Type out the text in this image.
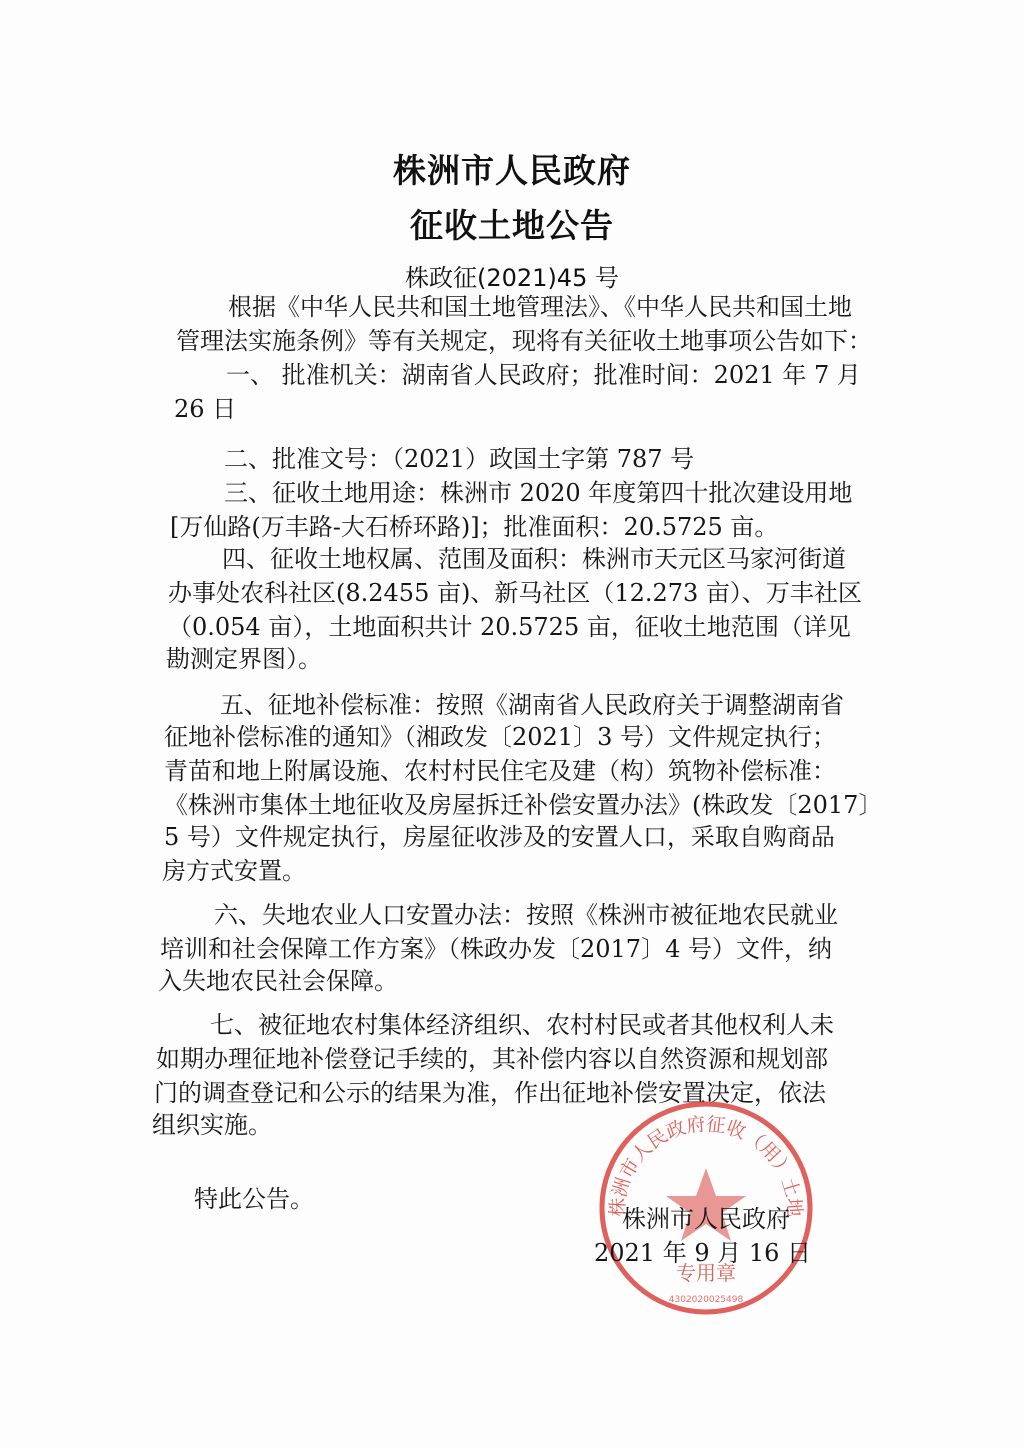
株洲市人民政府
征收土地公告
株政征(2021)45 号
根据《中华人民共和国土地管理法》、《中华人民共和国土地
管理法实施条例》等有关规定，现将有关征收土地事项公告如下：
一、 批准机关：湖南省人民政府；批准时间：2021 年 7 月
26 日
二、批准文号：（2021）政国土字第 787 号
三、征收土地用途：株洲市 2020 年度第四十批次建设用地
[万仙路(万丰路-大石桥环路)]；批准面积：20.5725 亩。
四、征收土地权属、范围及面积：株洲市天元区马家河街道
办事处农科社区(8.2455 亩)、新马社区（12.273 亩）、万丰社区
（0.054 亩），土地面积共计 20.5725 亩，征收土地范围（详见
勘测定界图）。
五、征地补偿标准：按照《湖南省人民政府关于调整湖南省
征地补偿标准的通知》（湘政发〔2021〕3 号）文件规定执行；
青苗和地上附属设施、农村村民住宅及建（构）筑物补偿标准：
《株洲市集体土地征收及房屋拆迁补偿安置办法》(株政发〔2017〕
5 号）文件规定执行，房屋征收涉及的安置人口，采取自购商品
房方式安置。
六、失地农业人口安置办法：按照《株洲市被征地农民就业
培训和社会保障工作方案》（株政办发〔2017〕4 号）文件，纳
入失地农民社会保障。
七、被征地农村集体经济组织、农村村民或者其他权利人未
如期办理征地补偿登记手续的，其补偿内容以自然资源和规划部
门的调查登记和公示的结果为准，作出征地补偿安置决定，依法
组织实施。
特此公告。	株洲市人民政府征收（用）土地
专用章
4302020025498
株洲市人民政府
2021 年 9 月 16 日
